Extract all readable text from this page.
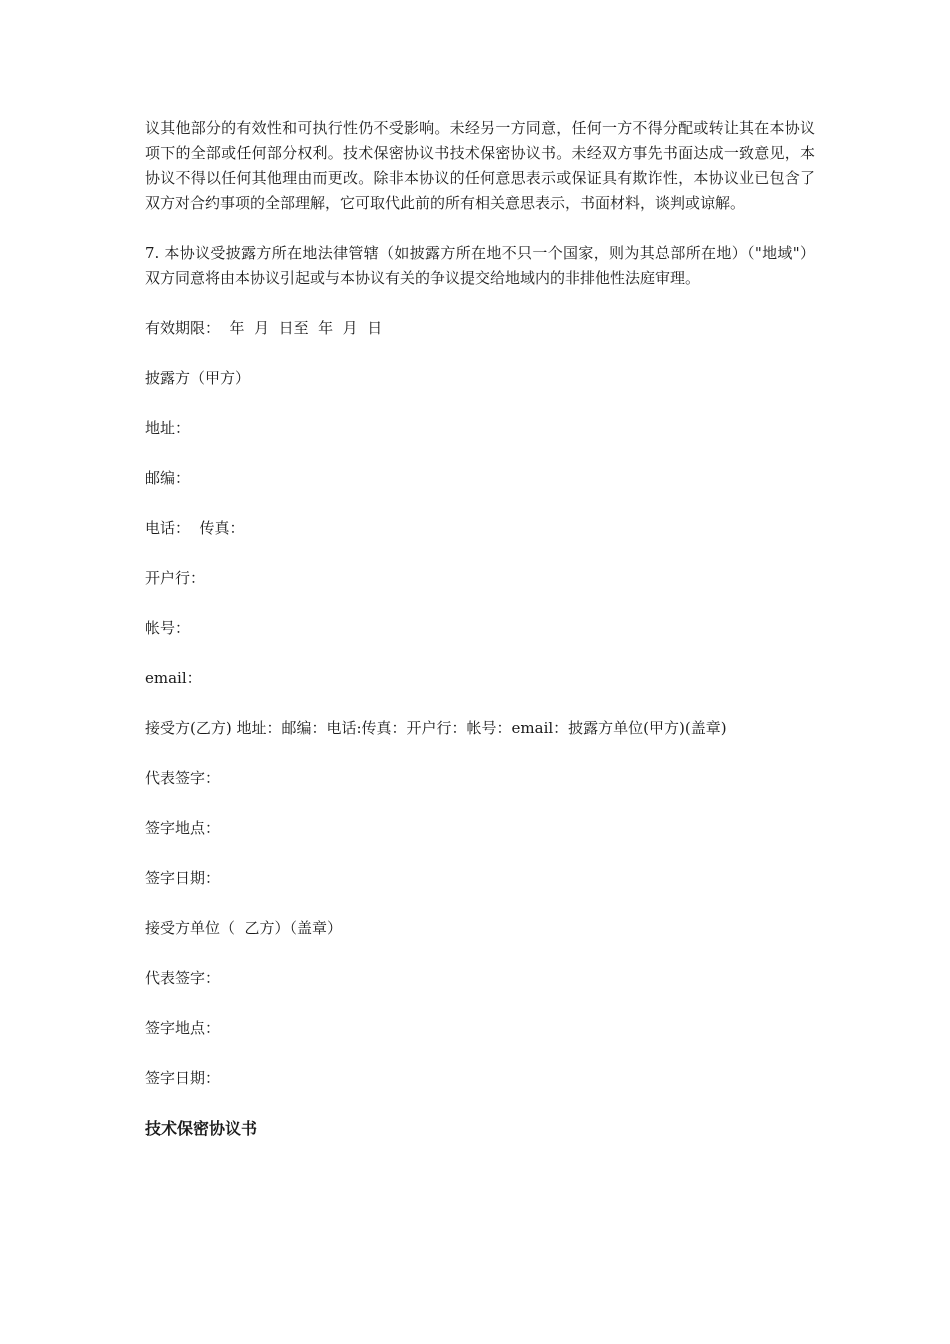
议其他部分的有效性和可执行性仍不受影响。未经另一方同意，任何一方不得分配或转让其在本协议项下的全部或任何部分权利。技术保密协议书技术保密协议书。未经双方事先书面达成一致意见，本协议不得以任何其他理由而更改。除非本协议的任何意思表示或保证具有欺诈性，本协议业已包含了双方对合约事项的全部理解，它可取代此前的所有相关意思表示，书面材料，谈判或谅解。

7. 本协议受披露方所在地法律管辖（如披露方所在地不只一个国家，则为其总部所在地）（"地域"）双方同意将由本协议引起或与本协议有关的争议提交给地域内的非排他性法庭审理。

有效期限：  年  月  日至  年  月  日

披露方（甲方）

地址：

邮编：

电话：  传真：

开户行：

帐号：

email：

接受方(乙方) 地址：邮编：电话:传真：开户行：帐号：email：披露方单位(甲方)(盖章)

代表签字：

签字地点：

签字日期：

接受方单位（  乙方）（盖章）

代表签字：

签字地点：

签字日期：

技术保密协议书
